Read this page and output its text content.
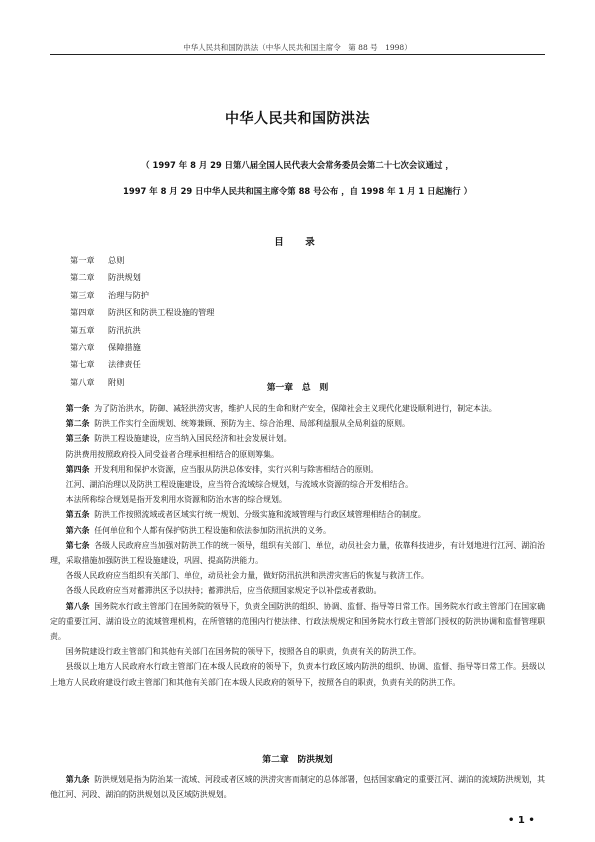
中华人民共和国防洪法（中华人民共和国主席令　第 88 号　1998）
中华人民共和国防洪法
（ 1997 年 8 月 29 日第八届全国人民代表大会常务委员会第二十七次会议通过 ，
1997 年 8 月 29 日中华人民共和国主席令第 88 号公布 ，自 1998 年 1 月 1 日起施行 ）
目　录
第一章 总则
第二章 防洪规划
第三章 治理与防护
第四章 防洪区和防洪工程设施的管理
第五章 防汛抗洪
第六章 保障措施
第七章 法律责任
第八章 附则
第一章　总　则

第一条 为了防治洪水，防御、减轻洪涝灾害，维护人民的生命和财产安全，保障社会主义现代化建设顺利进行，制定本法。

第二条 防洪工作实行全面规划、统筹兼顾、预防为主、综合治理、局部利益服从全局利益的原则。

第三条 防洪工程设施建设，应当纳入国民经济和社会发展计划。

防洪费用按照政府投入同受益者合理承担相结合的原则筹集。

第四条 开发利用和保护水资源，应当服从防洪总体安排，实行兴利与除害相结合的原则。

江河、湖泊治理以及防洪工程设施建设，应当符合流域综合规划，与流域水资源的综合开发相结合。

本法所称综合规划是指开发利用水资源和防治水害的综合规划。

第五条 防洪工作按照流域或者区域实行统一规划、分级实施和流域管理与行政区域管理相结合的制度。

第六条 任何单位和个人都有保护防洪工程设施和依法参加防汛抗洪的义务。

第七条 各级人民政府应当加强对防洪工作的统一领导，组织有关部门、单位，动员社会力量，依靠科技进步，有计划地进行江河、湖泊治理，采取措施加强防洪工程设施建设，巩固、提高防洪能力。

各级人民政府应当组织有关部门、单位，动员社会力量，做好防汛抗洪和洪涝灾害后的恢复与救济工作。

各级人民政府应当对蓄滞洪区予以扶持；蓄滞洪后，应当依照国家规定予以补偿或者救助。

第八条 国务院水行政主管部门在国务院的领导下，负责全国防洪的组织、协调、监督、指导等日常工作。国务院水行政主管部门在国家确定的重要江河、湖泊设立的流域管理机构，在所管辖的范围内行使法律、行政法规规定和国务院水行政主管部门授权的防洪协调和监督管理职责。

国务院建设行政主管部门和其他有关部门在国务院的领导下，按照各自的职责，负责有关的防洪工作。

县级以上地方人民政府水行政主管部门在本级人民政府的领导下，负责本行政区域内防洪的组织、协调、监督、指导等日常工作。县级以上地方人民政府建设行政主管部门和其他有关部门在本级人民政府的领导下，按照各自的职责，负责有关的防洪工作。

第二章　防洪规划

第九条 防洪规划是指为防治某一流域、河段或者区域的洪涝灾害而制定的总体部署，包括国家确定的重要江河、湖泊的流域防洪规划，其他江河、河段、湖泊的防洪规划以及区域防洪规划。

• 1 •
